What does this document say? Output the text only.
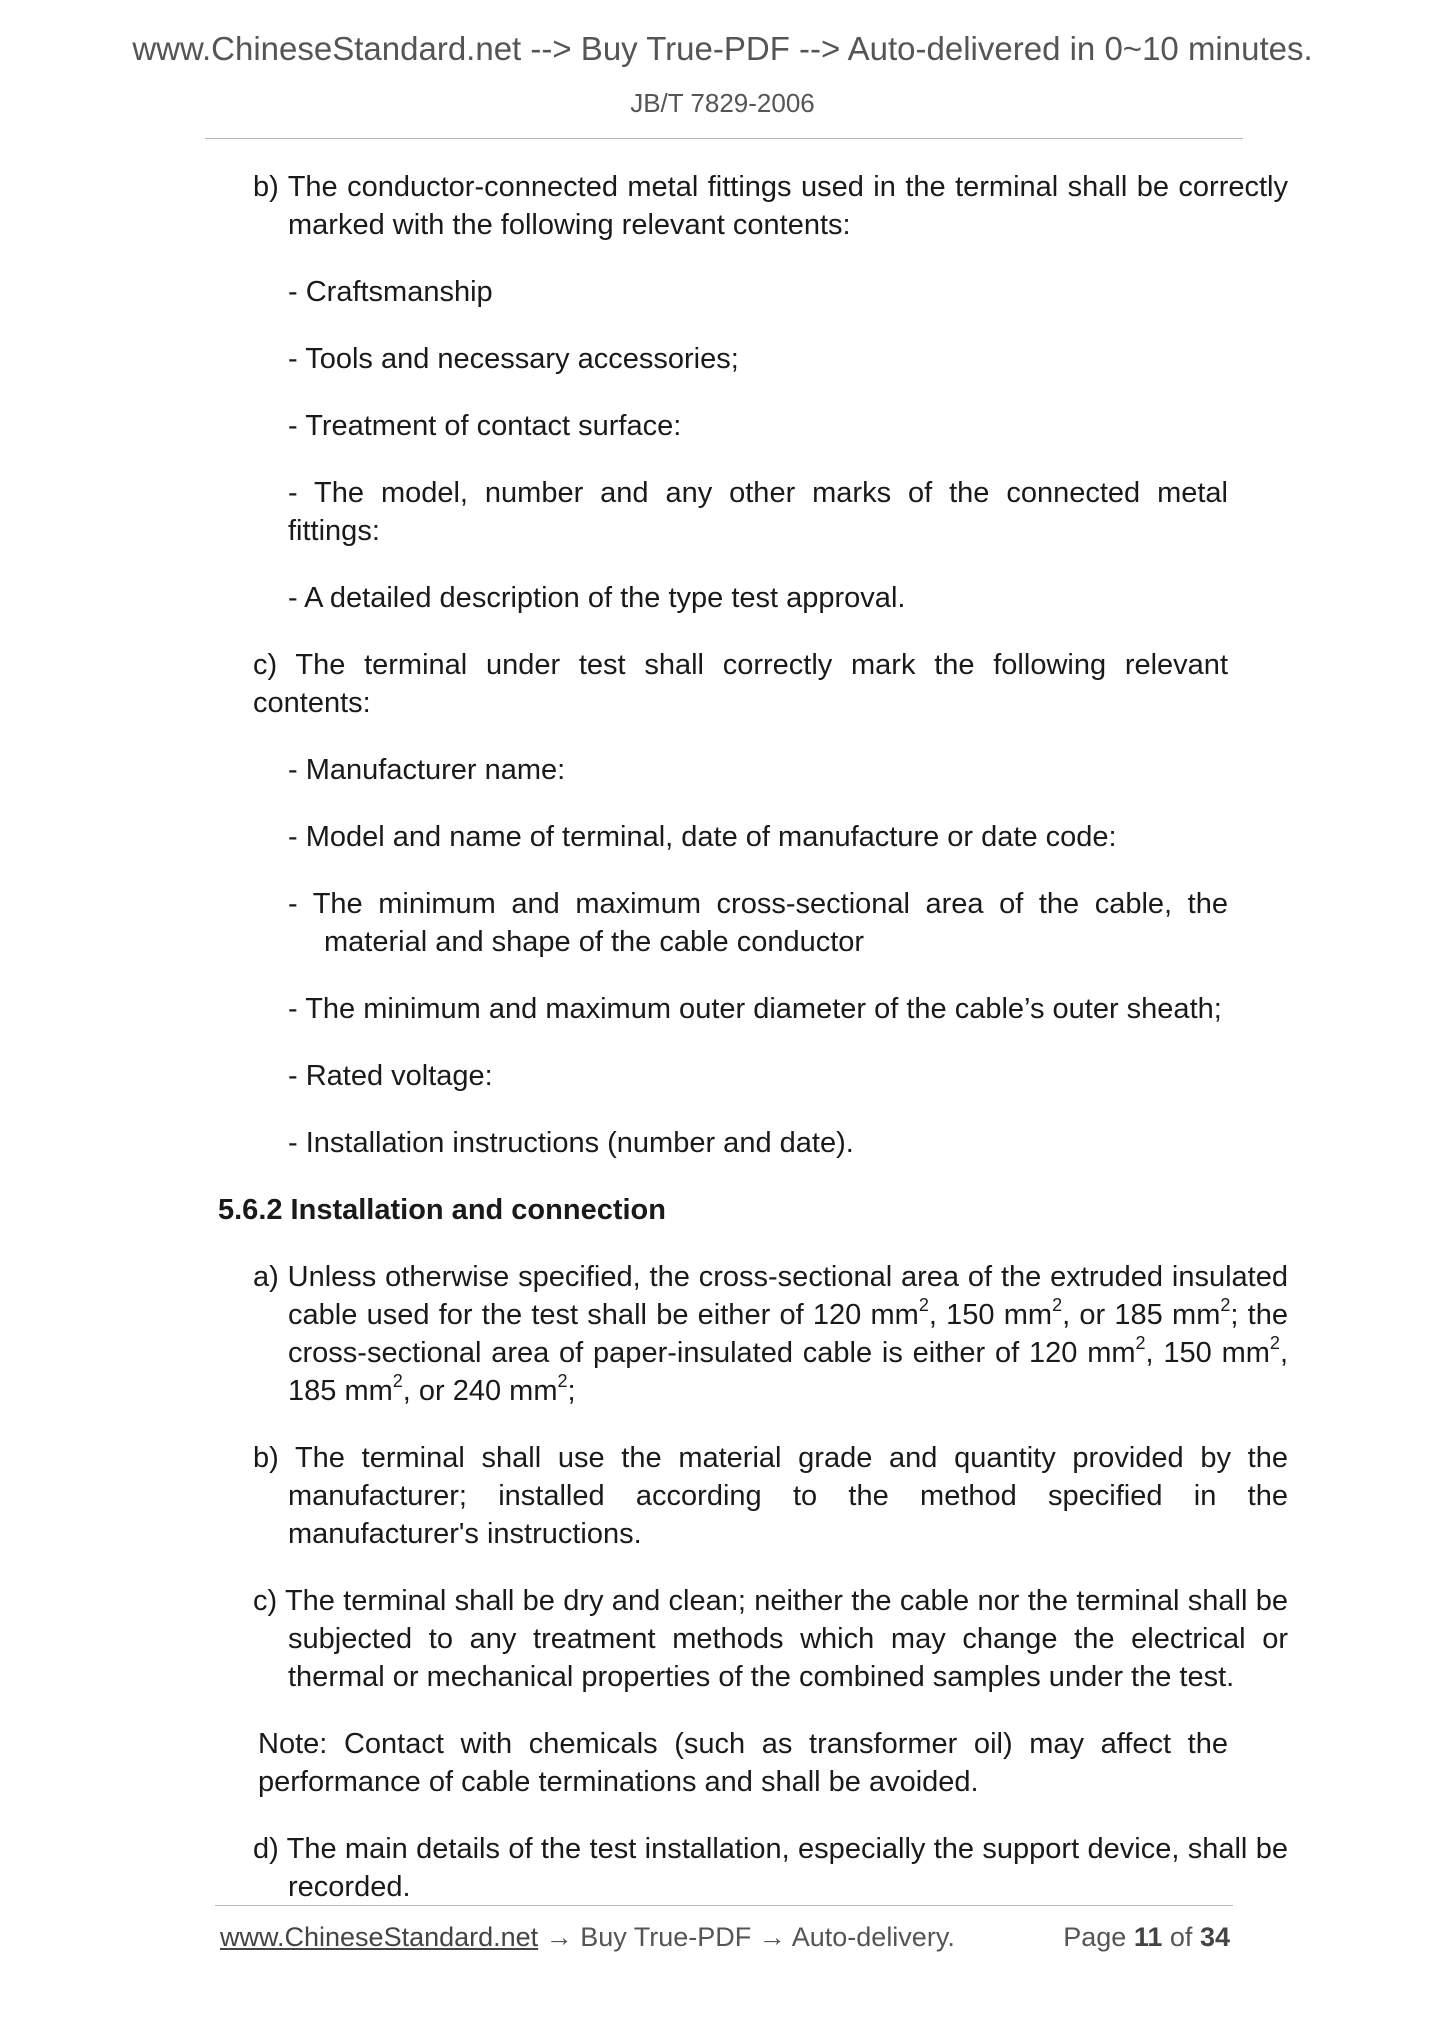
www.ChineseStandard.net --> Buy True-PDF --> Auto-delivered in 0~10 minutes.
JB/T 7829-2006

b) The conductor-connected metal fittings used in the terminal shall be correctly marked with the following relevant contents:

- Craftsmanship

- Tools and necessary accessories;

- Treatment of contact surface:

- The model, number and any other marks of the connected metal fittings:

- A detailed description of the type test approval.

c) The terminal under test shall correctly mark the following relevant contents:

- Manufacturer name:

- Model and name of terminal, date of manufacture or date code:

- The minimum and maximum cross-sectional area of the cable, the material and shape of the cable conductor

- The minimum and maximum outer diameter of the cable’s outer sheath;

- Rated voltage:

- Installation instructions (number and date).

5.6.2 Installation and connection

a) Unless otherwise specified, the cross-sectional area of the extruded insulated cable used for the test shall be either of 120 $mm^2$, 150 $mm^2$, or 185 $mm^2$; the cross-sectional area of paper-insulated cable is either of 120 $mm^2$, 150 $mm^2$, 185 $mm^2$, or 240 $mm^2$;

b) The terminal shall use the material grade and quantity provided by the manufacturer; installed according to the method specified in the manufacturer's instructions.

c) The terminal shall be dry and clean; neither the cable nor the terminal shall be subjected to any treatment methods which may change the electrical or thermal or mechanical properties of the combined samples under the test.

Note: Contact with chemicals (such as transformer oil) may affect the performance of cable terminations and shall be avoided.

d) The main details of the test installation, especially the support device, shall be recorded.

www.ChineseStandard.net → Buy True-PDF → Auto-delivery.	Page 11 of 34
